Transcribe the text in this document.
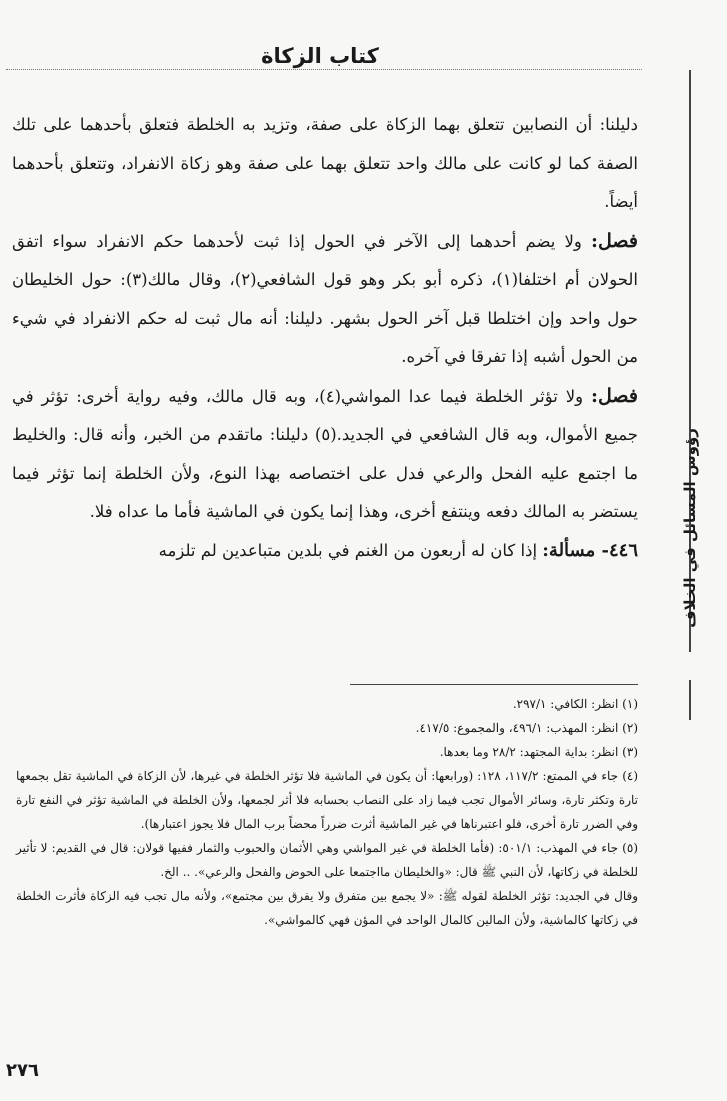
كتاب الزكاة
رؤوس المسائل في الخلاف

دليلنا: أن النصابين تتعلق بهما الزكاة على صفة، وتزيد به الخلطة فتعلق بأحدهما على تلك الصفة كما لو كانت على مالك واحد تتعلق بهما على صفة وهو زكاة الانفراد، وتتعلق بأحدهما أيضاً.

فصل: ولا يضم أحدهما إلى الآخر في الحول إذا ثبت لأحدهما حكم الانفراد سواء اتفق الحولان أم اختلفا(١)، ذكره أبو بكر وهو قول الشافعي(٢)، وقال مالك(٣): حول الخليطان حول واحد وإن اختلطا قبل آخر الحول بشهر. دليلنا: أنه مال ثبت له حكم الانفراد في شيء من الحول أشبه إذا تفرقا في آخره.

فصل: ولا تؤثر الخلطة فيما عدا المواشي(٤)، وبه قال مالك، وفيه رواية أخرى: تؤثر في جميع الأموال، وبه قال الشافعي في الجديد.(٥) دليلنا: ماتقدم من الخبر، وأنه قال: والخليط ما اجتمع عليه الفحل والرعي فدل على اختصاصه بهذا النوع، ولأن الخلطة إنما تؤثر فيما يستضر به المالك دفعه وينتفع أخرى، وهذا إنما يكون في الماشية فأما ما عداه فلا.

٤٤٦- مسألة: إذا كان له أربعون من الغنم في بلدين متباعدين لم تلزمه

(١) انظر: الكافي: ٢٩٧/١.

(٢) انظر: المهذب: ٤٩٦/١، والمجموع: ٤١٧/٥.

(٣) انظر: بداية المجتهد: ٢٨/٢ وما بعدها.

(٤) جاء في الممتع: ١١٧/٢، ١٢٨: (ورابعها: أن يكون في الماشية فلا تؤثر الخلطة في غيرها، لأن الزكاة في الماشية تقل بجمعها تارة وتكثر تارة، وسائر الأموال تجب فيما زاد على النصاب بحسابه فلا أثر لجمعها، ولأن الخلطة في الماشية تؤثر في النفع تارة وفي الضرر تارة أخرى، فلو اعتبرناها في غير الماشية أثرت ضرراً محضاً برب المال فلا يجوز اعتبارها).

(٥) جاء في المهذب: ٥٠١/١: (فأما الخلطة في غير المواشي وهي الأثمان والحبوب والثمار ففيها قولان: قال في القديم: لا تأثير للخلطة في زكاتها، لأن النبي ﷺ قال: «والخليطان مااجتمعا على الحوض والفحل والرعي». .. الخ.

وقال في الجديد: تؤثر الخلطة لقوله ﷺ: «لا يجمع بين متفرق ولا يفرق بين مجتمع»، ولأنه مال تجب فيه الزكاة فأثرت الخلطة في زكاتها كالماشية، ولأن المالين كالمال الواحد في المؤن فهي كالمواشي».

٢٧٦
